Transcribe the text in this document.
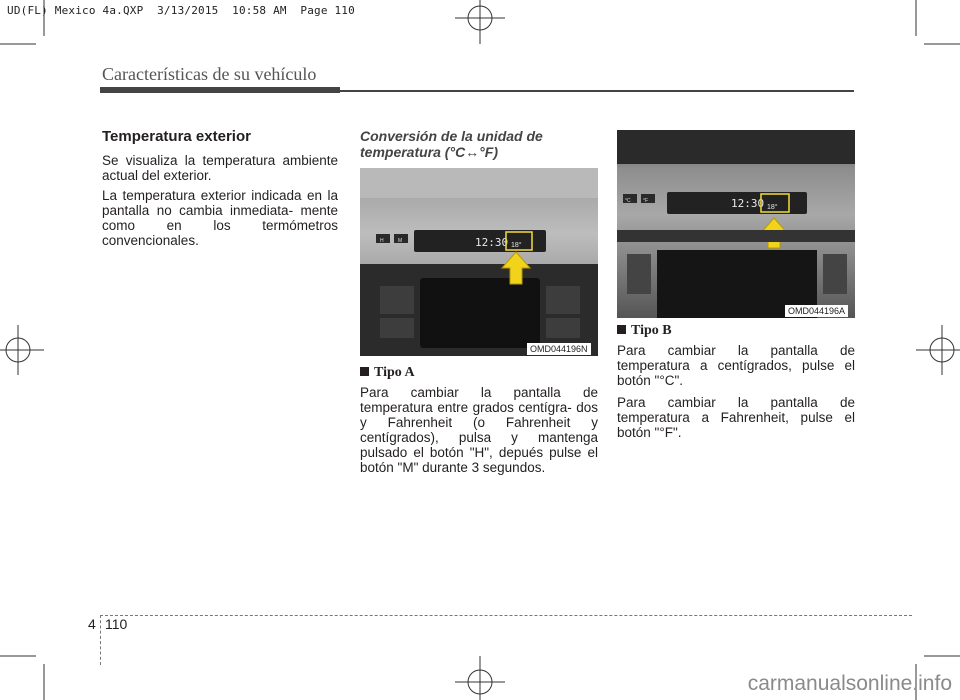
UD(FL) Mexico 4a.QXP  3/13/2015  10:58 AM  Page 110
Características de su vehículo
Temperatura exterior
Se visualiza la temperatura ambiente actual del exterior.
La temperatura exterior indicada en la pantalla no cambia inmediata- mente como en los termómetros convencionales.
Conversión de la unidad de temperatura (°C↔°F)
H	M	12:30 18°
OMD044196N
Tipo A
Para cambiar la pantalla de temperatura entre grados centígra- dos y Fahrenheit (o Fahrenheit y centígrados), pulsa y mantenga pulsado el botón "H", depués pulse el botón "M" durante 3 segundos.
°C °F	12:30 18°
OMD044196A
Tipo B
Para cambiar la pantalla de temperatura a centígrados, pulse el botón "°C".
Para cambiar la pantalla de temperatura a Fahrenheit, pulse el botón "°F".
4 110
carmanualsonline.info
